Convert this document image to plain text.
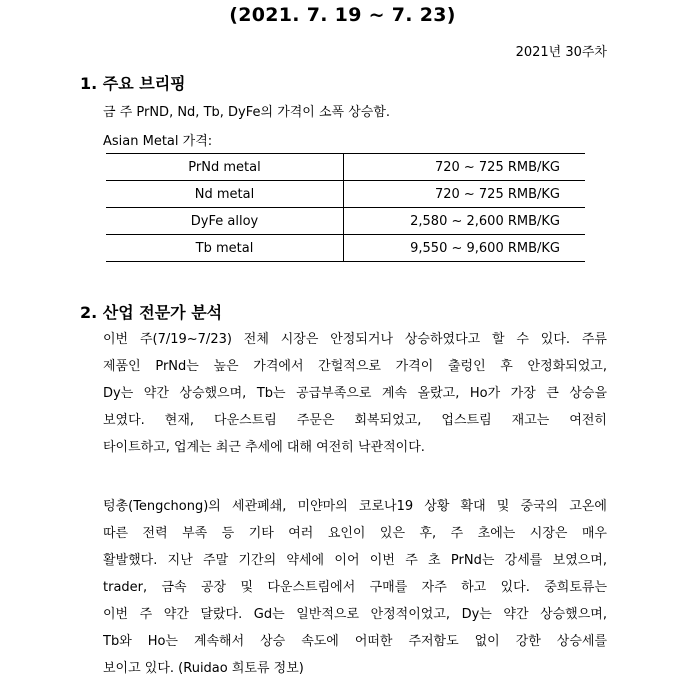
(2021. 7. 19 ~ 7. 23)
2021년 30주차
1. 주요 브리핑
금 주 PrND, Nd, Tb, DyFe의 가격이 소폭 상승함.
Asian Metal 가격:
PrNd metal	720 ~ 725 RMB/KG
Nd metal	720 ~ 725 RMB/KG
DyFe alloy	2,580 ~ 2,600 RMB/KG
Tb metal	9,550 ~ 9,600 RMB/KG
2. 산업 전문가 분석
이번 주(7/19~7/23) 전체 시장은 안정되거나 상승하였다고 할 수 있다. 주류
제품인 PrNd는 높은 가격에서 간헐적으로 가격이 출렁인 후 안정화되었고,
Dy는 약간 상승했으며, Tb는 공급부족으로 계속 올랐고, Ho가 가장 큰 상승을
보였다. 현재, 다운스트림 주문은 회복되었고, 업스트림 재고는 여전히
타이트하고, 업계는 최근 추세에 대해 여전히 낙관적이다.
텅총(Tengchong)의 세관폐쇄, 미얀마의 코로나19 상황 확대 및 중국의 고온에
따른 전력 부족 등 기타 여러 요인이 있은 후, 주 초에는 시장은 매우
활발했다. 지난 주말 기간의 약세에 이어 이번 주 초 PrNd는 강세를 보였으며,
trader, 금속 공장 및 다운스트림에서 구매를 자주 하고 있다. 중희토류는
이번 주 약간 달랐다. Gd는 일반적으로 안정적이었고, Dy는 약간 상승했으며,
Tb와 Ho는 계속해서 상승 속도에 어떠한 주저함도 없이 강한 상승세를
보이고 있다. (Ruidao 희토류 정보)
